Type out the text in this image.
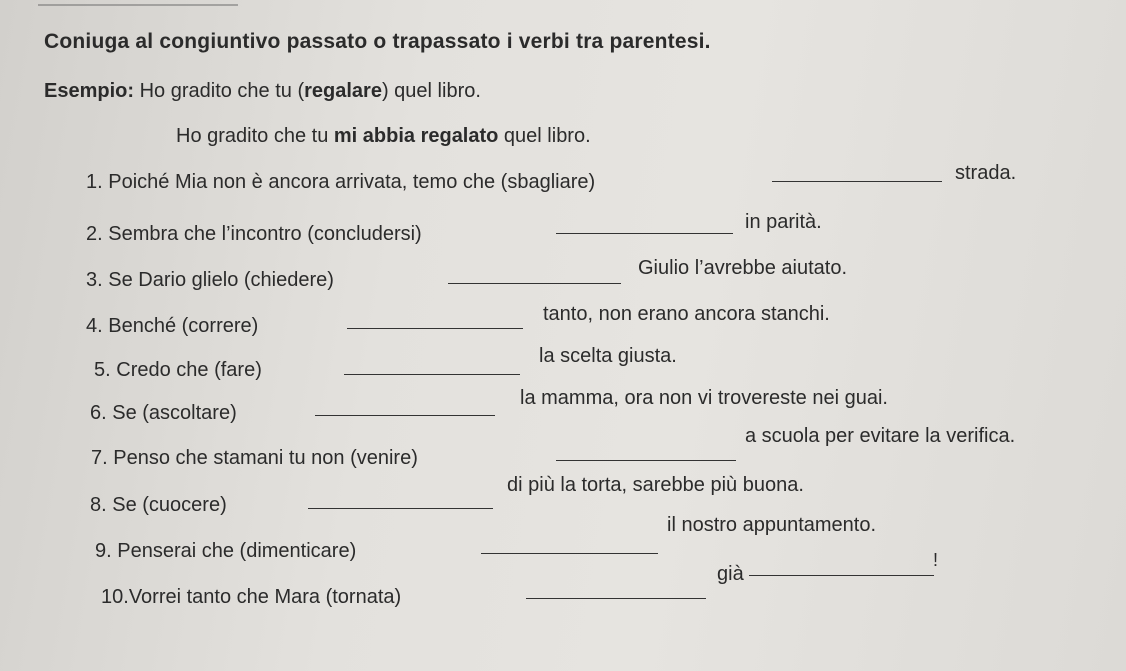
Coniuga al congiuntivo passato o trapassato i verbi tra parentesi.
Esempio: Ho gradito che tu (regalare) quel libro.
Ho gradito che tu mi abbia regalato quel libro.
1. Poiché Mia non è ancora arrivata, temo che (sbagliare)	strada.
2. Sembra che l’incontro (concludersi)
in parità.
3. Se Dario glielo (chiedere)
Giulio l’avrebbe aiutato.
4. Benché (correre)
tanto, non erano ancora stanchi.
5. Credo che (fare)
la scelta giusta.
6. Se (ascoltare)
la mamma, ora non vi trovereste nei guai.
7. Penso che stamani tu non (venire)
a scuola per evitare la verifica.
8. Se (cuocere)
di più la torta, sarebbe più buona.
9. Penserai che (dimenticare)
il nostro appuntamento.
10.Vorrei tanto che Mara (tornata)
già
!
